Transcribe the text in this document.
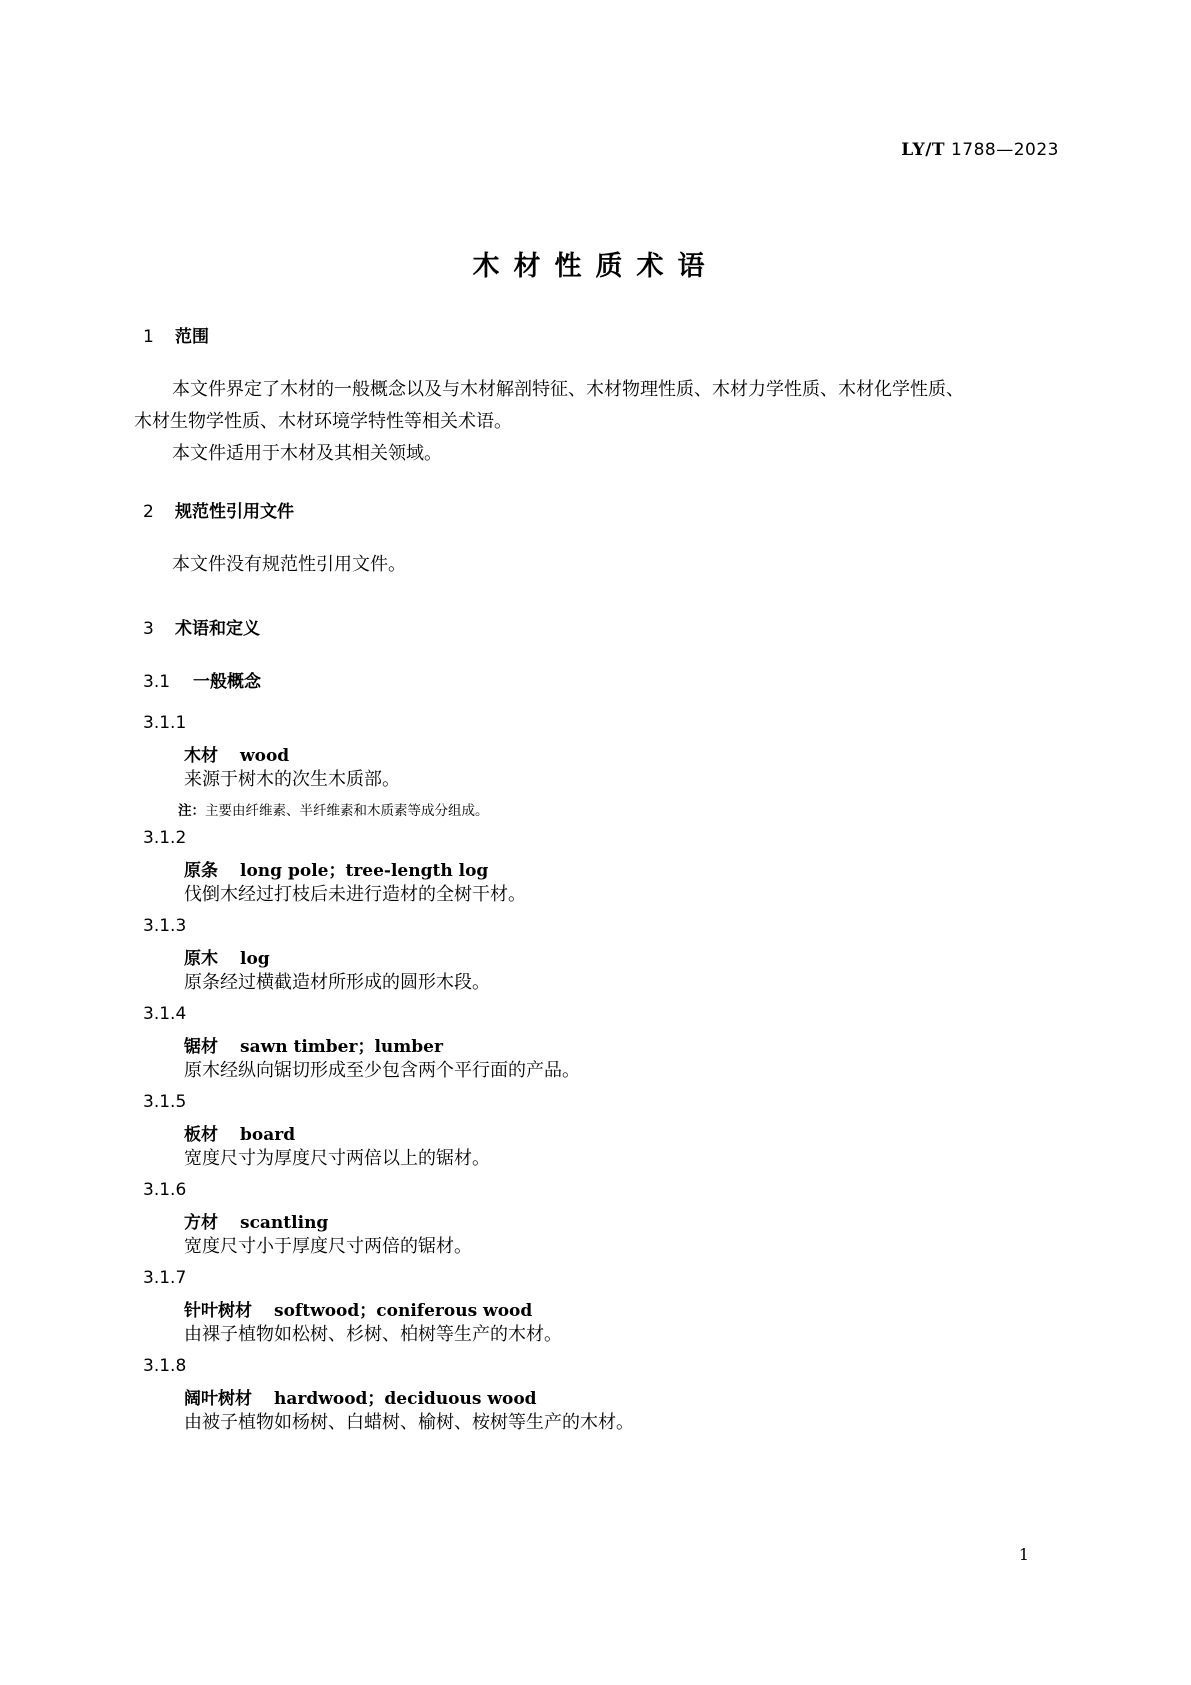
LY/T 1788—2023
木材性质术语
1 范围
本文件界定了木材的一般概念以及与木材解剖特征、木材物理性质、木材力学性质、木材化学性质、
木材生物学性质、木材环境学特性等相关术语。
本文件适用于木材及其相关领域。
2 规范性引用文件
本文件没有规范性引用文件。
3 术语和定义
3.1 一般概念
3.1.1
木材 wood
来源于树木的次生木质部。
注：主要由纤维素、半纤维素和木质素等成分组成。
3.1.2
原条 long pole；tree-length log
伐倒木经过打枝后未进行造材的全树干材。
3.1.3
原木 log
原条经过横截造材所形成的圆形木段。
3.1.4
锯材 sawn timber；lumber
原木经纵向锯切形成至少包含两个平行面的产品。
3.1.5
板材 board
宽度尺寸为厚度尺寸两倍以上的锯材。
3.1.6
方材 scantling
宽度尺寸小于厚度尺寸两倍的锯材。
3.1.7
针叶树材 softwood；coniferous wood
由裸子植物如松树、杉树、柏树等生产的木材。
3.1.8
阔叶树材 hardwood；deciduous wood
由被子植物如杨树、白蜡树、榆树、桉树等生产的木材。
1
